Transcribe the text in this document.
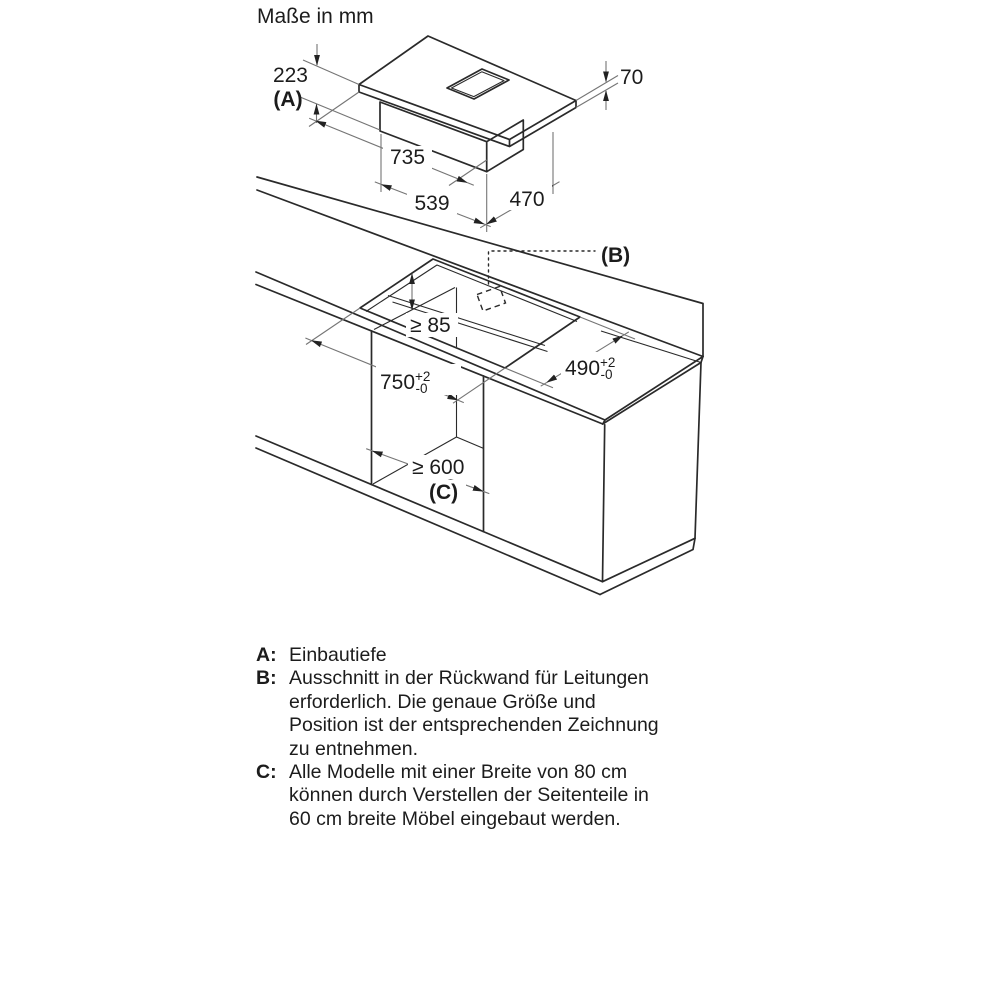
Maße in mm
223
(A)
70
735
539	470
(B)
≥ 85
$750^{+2}$ -0
$490^{+2}$ -0
≥ 600
(C)
A: Einbautiefe
B: Ausschnitt in der Rückwand für Leitungen
erforderlich. Die genaue Größe und
Position ist der entsprechenden Zeichnung
zu entnehmen.
C: Alle Modelle mit einer Breite von 80 cm
können durch Verstellen der Seitenteile in
60 cm breite Möbel eingebaut werden.
